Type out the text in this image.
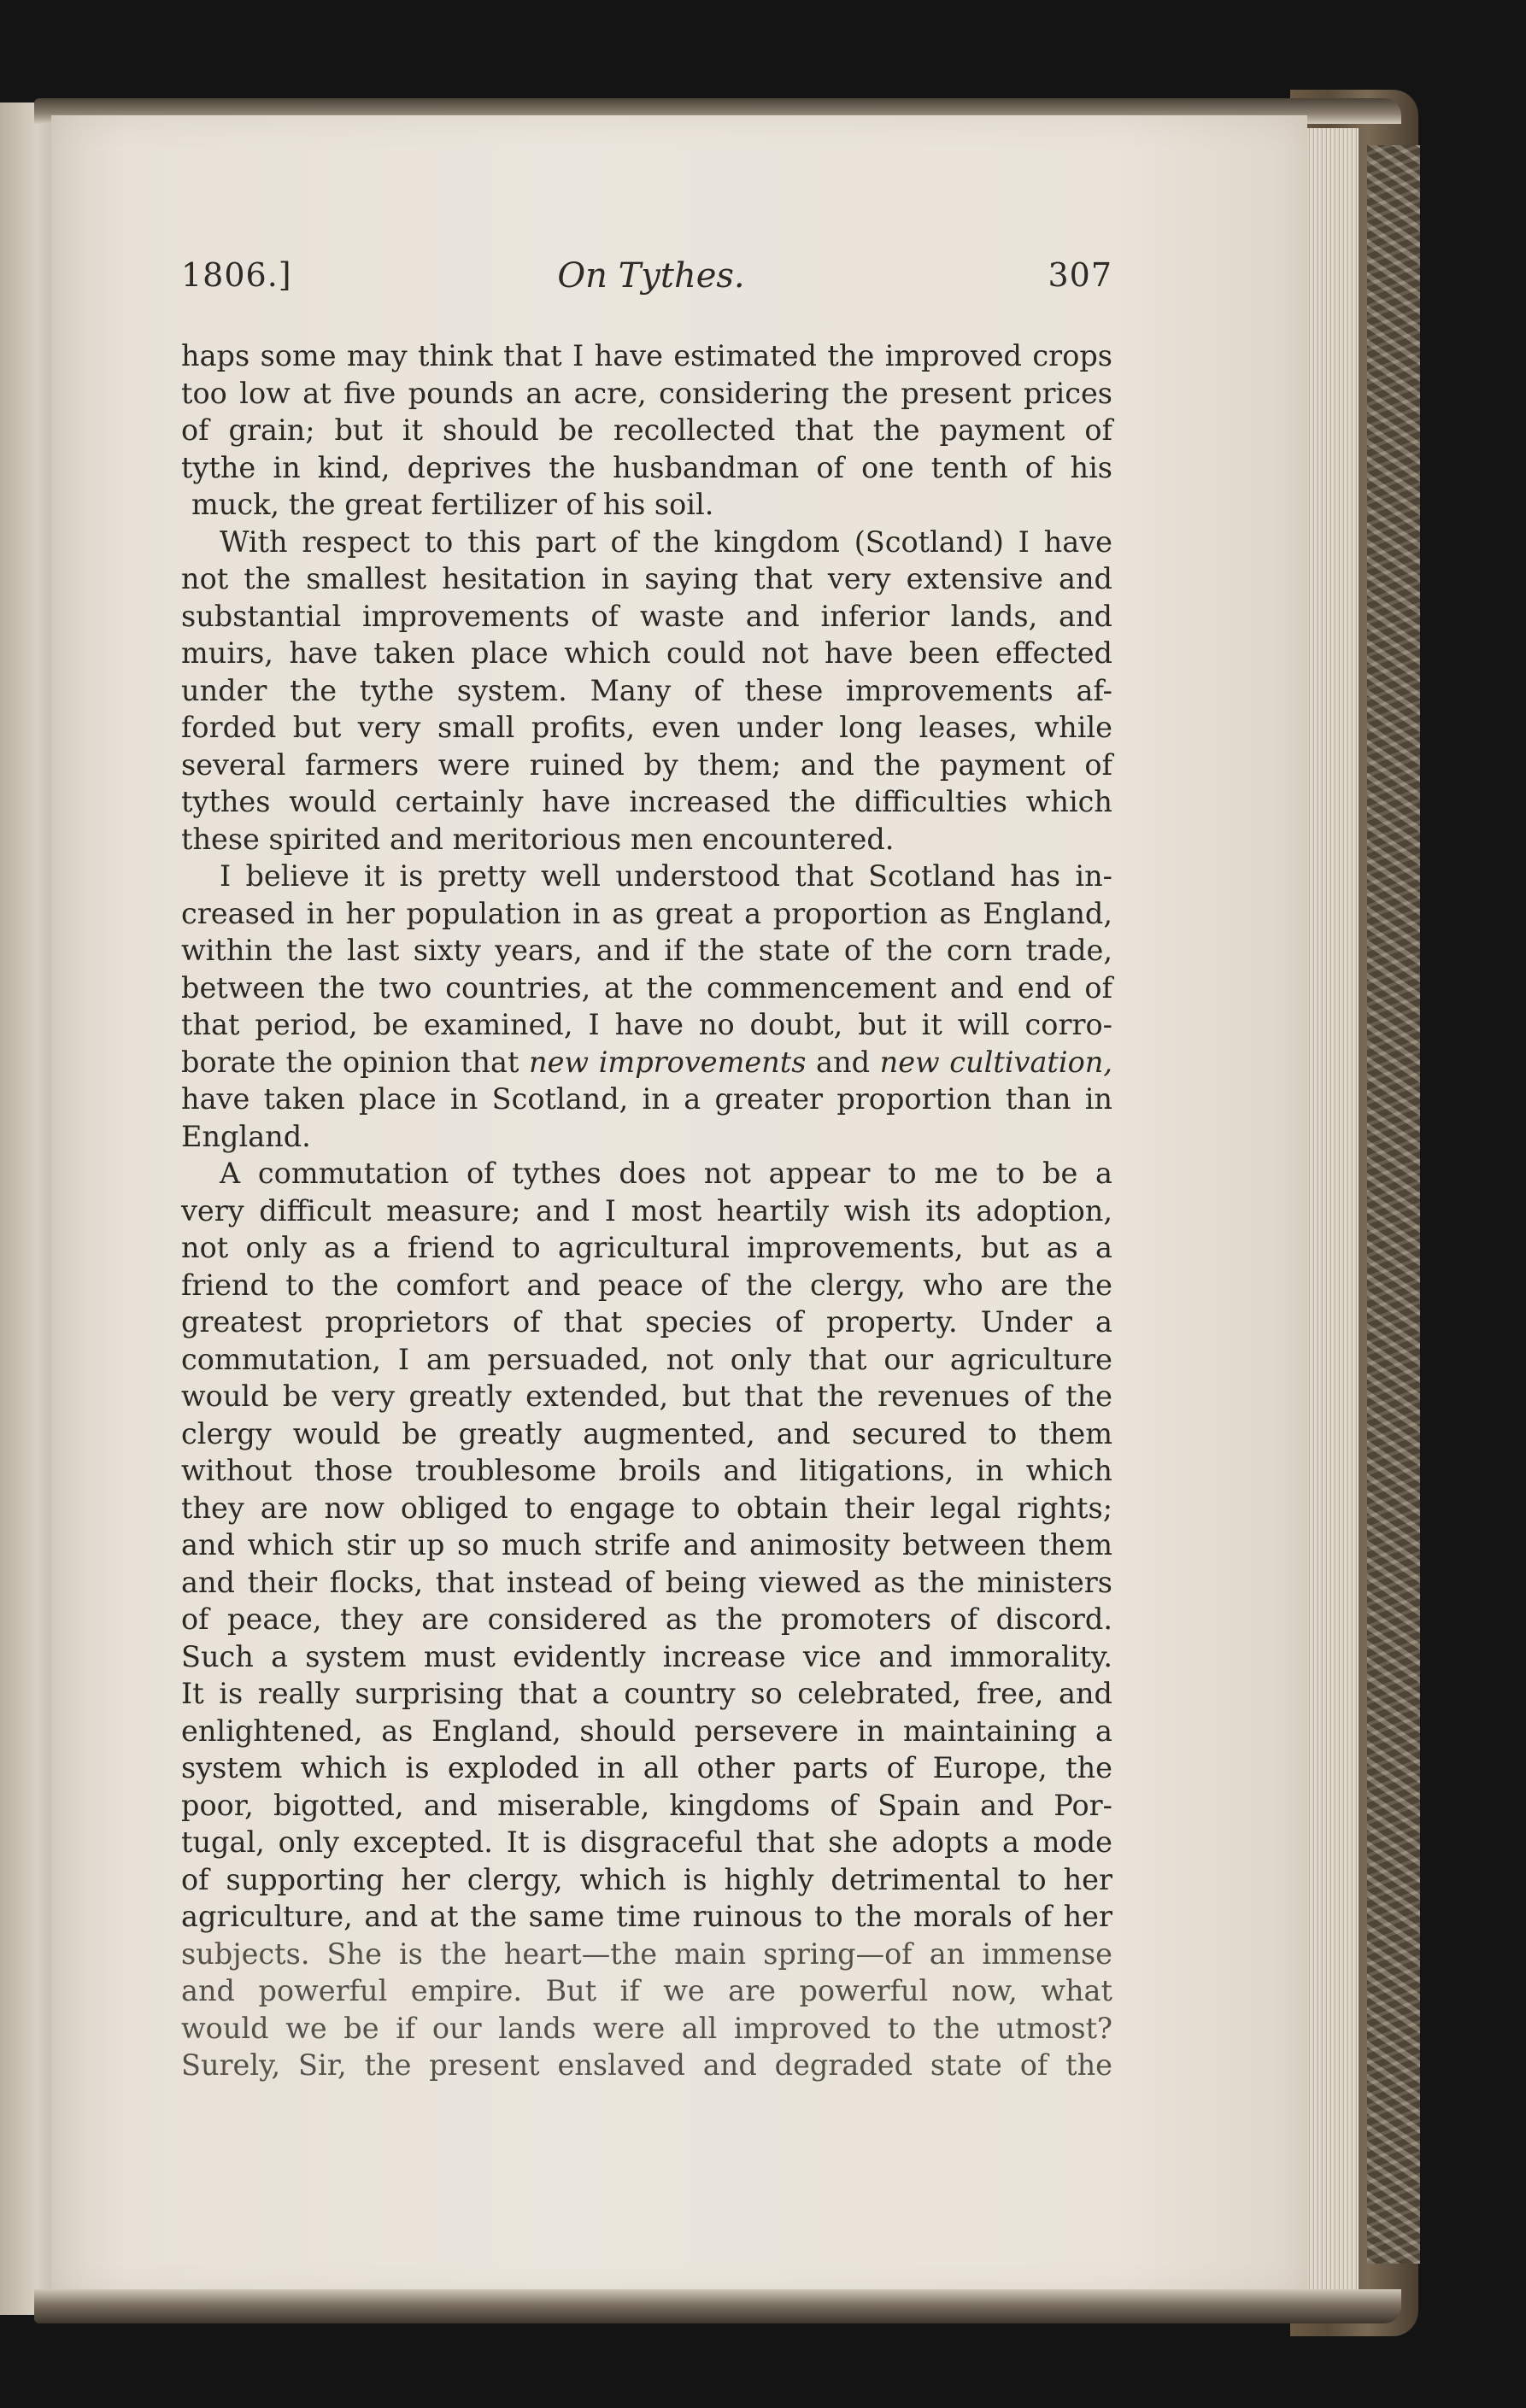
1806.]	On Tythes.	307
haps some may think that I have estimated the improved crops
too low at five pounds an acre, considering the present prices
of grain; but it should be recollected that the payment of
tythe in kind, deprives the husbandman of one tenth of his
muck, the great fertilizer of his soil.
With respect to this part of the kingdom (Scotland) I have
not the smallest hesitation in saying that very extensive and
substantial improvements of waste and inferior lands, and
muirs, have taken place which could not have been effected
under the tythe system. Many of these improvements af-
forded but very small profits, even under long leases, while
several farmers were ruined by them; and the payment of
tythes would certainly have increased the difficulties which
these spirited and meritorious men encountered.
I believe it is pretty well understood that Scotland has in-
creased in her population in as great a proportion as England,
within the last sixty years, and if the state of the corn trade,
between the two countries, at the commencement and end of
that period, be examined, I have no doubt, but it will corro-
borate the opinion that new improvements and new cultivation,
have taken place in Scotland, in a greater proportion than in
England.
A commutation of tythes does not appear to me to be a
very difficult measure; and I most heartily wish its adoption,
not only as a friend to agricultural improvements, but as a
friend to the comfort and peace of the clergy, who are the
greatest proprietors of that species of property. Under a
commutation, I am persuaded, not only that our agriculture
would be very greatly extended, but that the revenues of the
clergy would be greatly augmented, and secured to them
without those troublesome broils and litigations, in which
they are now obliged to engage to obtain their legal rights;
and which stir up so much strife and animosity between them
and their flocks, that instead of being viewed as the ministers
of peace, they are considered as the promoters of discord.
Such a system must evidently increase vice and immorality.
It is really surprising that a country so celebrated, free, and
enlightened, as England, should persevere in maintaining a
system which is exploded in all other parts of Europe, the
poor, bigotted, and miserable, kingdoms of Spain and Por-
tugal, only excepted. It is disgraceful that she adopts a mode
of supporting her clergy, which is highly detrimental to her
agriculture, and at the same time ruinous to the morals of her
subjects. She is the heart—the main spring—of an immense
and powerful empire. But if we are powerful now, what
would we be if our lands were all improved to the utmost?
Surely, Sir, the present enslaved and degraded state of the
